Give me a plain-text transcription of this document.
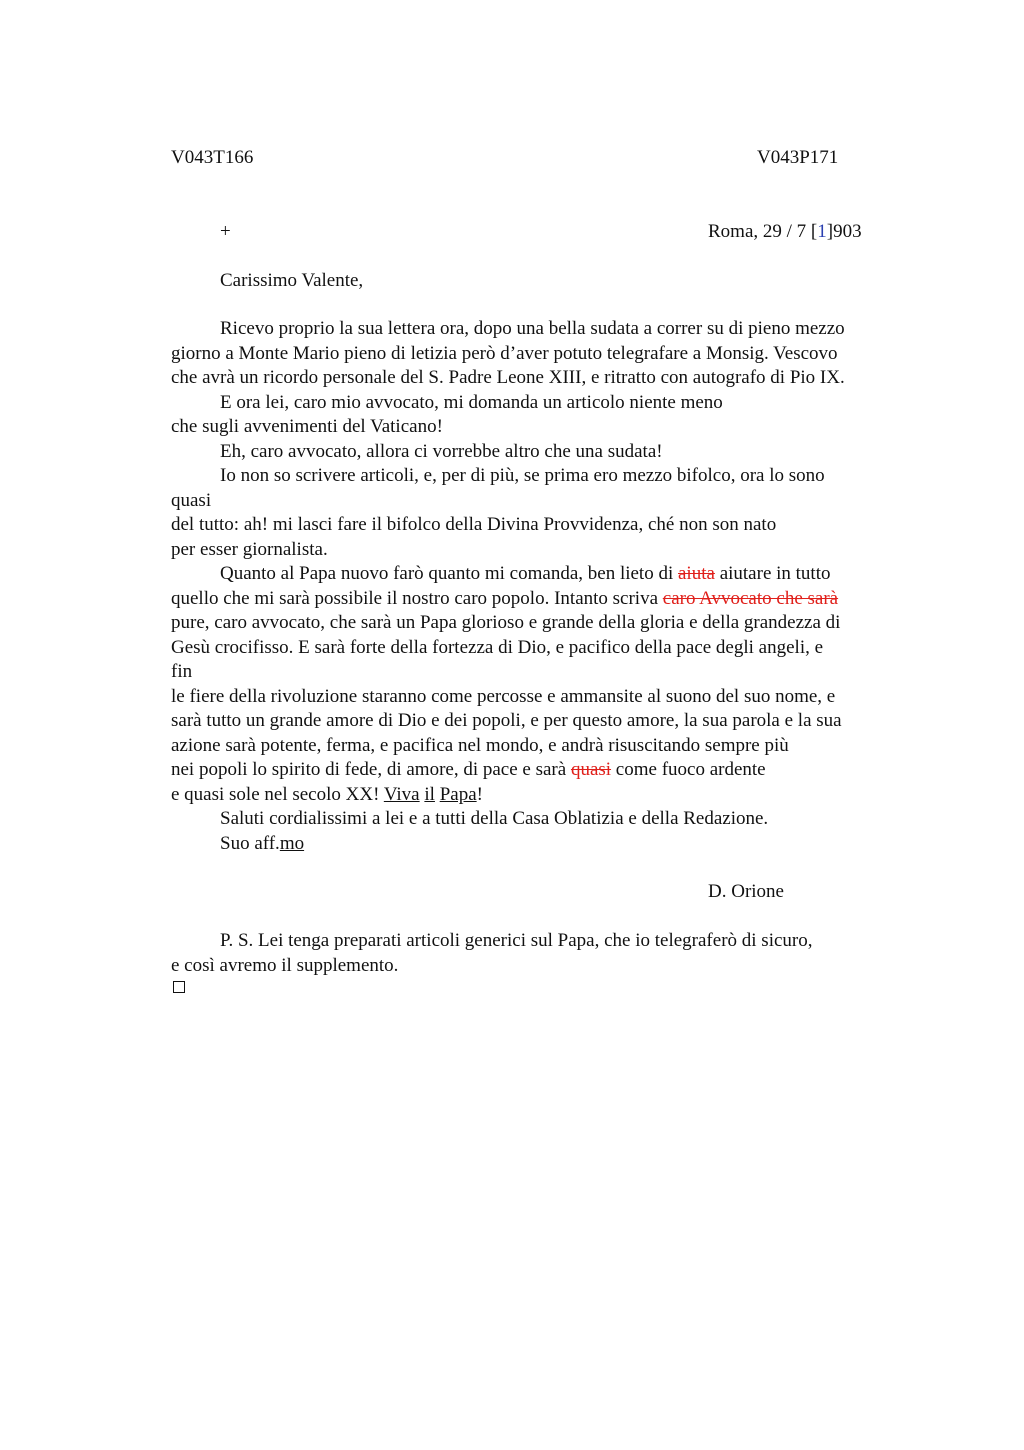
V043T166	V043P171
+	Roma, 29 / 7 [1]903
Carissimo Valente,
Ricevo proprio la sua lettera ora, dopo una bella sudata a correr su di pieno mezzo
giorno a Monte Mario pieno di letizia però d’aver potuto telegrafare a Monsig. Vescovo
che avrà un ricordo personale del S. Padre Leone XIII, e ritratto con autografo di Pio IX.
E ora lei, caro mio avvocato, mi domanda un articolo niente meno
che sugli avvenimenti del Vaticano!
Eh, caro avvocato, allora ci vorrebbe altro che una sudata!
Io non so scrivere articoli, e, per di più, se prima ero mezzo bifolco, ora lo sono
quasi
del tutto: ah! mi lasci fare il bifolco della Divina Provvidenza, ché non son nato
per esser giornalista.
Quanto al Papa nuovo farò quanto mi comanda, ben lieto di aiuta aiutare in tutto
quello che mi sarà possibile il nostro caro popolo. Intanto scriva caro Avvocato che sarà
pure, caro avvocato, che sarà un Papa glorioso e grande della gloria e della grandezza di
Gesù crocifisso. E sarà forte della fortezza di Dio, e pacifico della pace degli angeli, e
fin
le fiere della rivoluzione staranno come percosse e ammansite al suono del suo nome, e
sarà tutto un grande amore di Dio e dei popoli, e per questo amore, la sua parola e la sua
azione sarà potente, ferma, e pacifica nel mondo, e andrà risuscitando sempre più
nei popoli lo spirito di fede, di amore, di pace e sarà quasi come fuoco ardente
e quasi sole nel secolo XX! Viva il Papa!
Saluti cordialissimi a lei e a tutti della Casa Oblatizia e della Redazione.
Suo aff.mo
D. Orione
P. S. Lei tenga preparati articoli generici sul Papa, che io telegraferò di sicuro,
e così avremo il supplemento.
